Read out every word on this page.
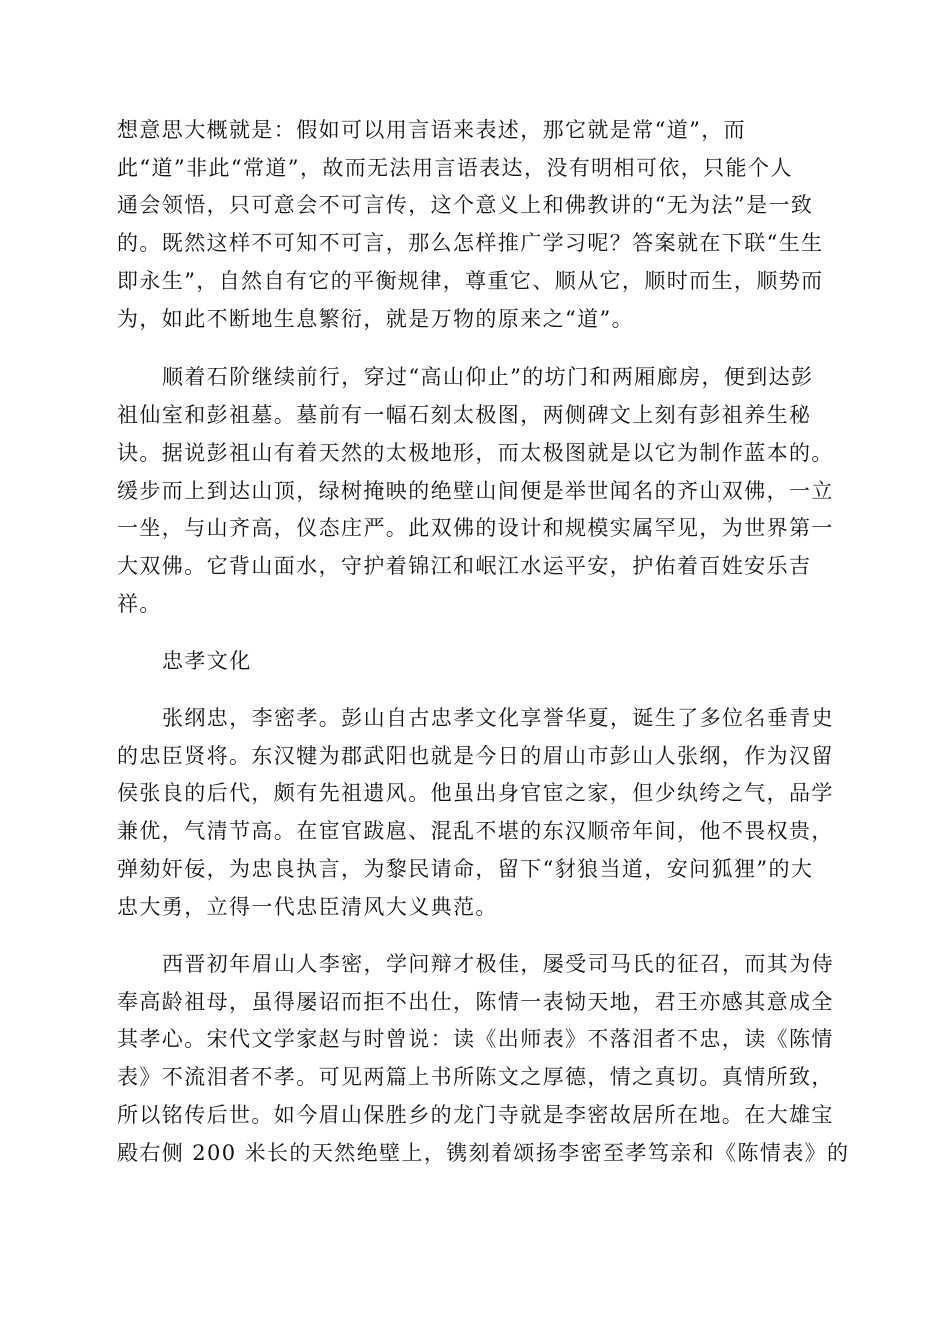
想意思大概就是：假如可以用言语来表述，那它就是常“道”，而
此“道”非此“常道”，故而无法用言语表达，没有明相可依，只能个人
通会领悟，只可意会不可言传，这个意义上和佛教讲的“无为法”是一致
的。既然这样不可知不可言，那么怎样推广学习呢？答案就在下联“生生
即永生”，自然自有它的平衡规律，尊重它、顺从它，顺时而生，顺势而
为，如此不断地生息繁衍，就是万物的原来之“道”。
顺着石阶继续前行，穿过“高山仰止”的坊门和两厢廊房，便到达彭
祖仙室和彭祖墓。墓前有一幅石刻太极图，两侧碑文上刻有彭祖养生秘
诀。据说彭祖山有着天然的太极地形，而太极图就是以它为制作蓝本的。
缓步而上到达山顶，绿树掩映的绝壁山间便是举世闻名的齐山双佛，一立
一坐，与山齐高，仪态庄严。此双佛的设计和规模实属罕见，为世界第一
大双佛。它背山面水，守护着锦江和岷江水运平安，护佑着百姓安乐吉
祥。
忠孝文化
张纲忠，李密孝。彭山自古忠孝文化享誉华夏，诞生了多位名垂青史
的忠臣贤将。东汉犍为郡武阳也就是今日的眉山市彭山人张纲，作为汉留
侯张良的后代，颇有先祖遗风。他虽出身官宦之家，但少纨绔之气，品学
兼优，气清节高。在宦官跋扈、混乱不堪的东汉顺帝年间，他不畏权贵，
弹劾奸佞，为忠良执言，为黎民请命，留下“豺狼当道，安问狐狸”的大
忠大勇，立得一代忠臣清风大义典范。
西晋初年眉山人李密，学问辩才极佳，屡受司马氏的征召，而其为侍
奉高龄祖母，虽得屡诏而拒不出仕，陈情一表恸天地，君王亦感其意成全
其孝心。宋代文学家赵与时曾说：读《出师表》不落泪者不忠，读《陈情
表》不流泪者不孝。可见两篇上书所陈文之厚德，情之真切。真情所致，
所以铭传后世。如今眉山保胜乡的龙门寺就是李密故居所在地。在大雄宝
殿右侧 200 米长的天然绝壁上，镌刻着颂扬李密至孝笃亲和《陈情表》的
